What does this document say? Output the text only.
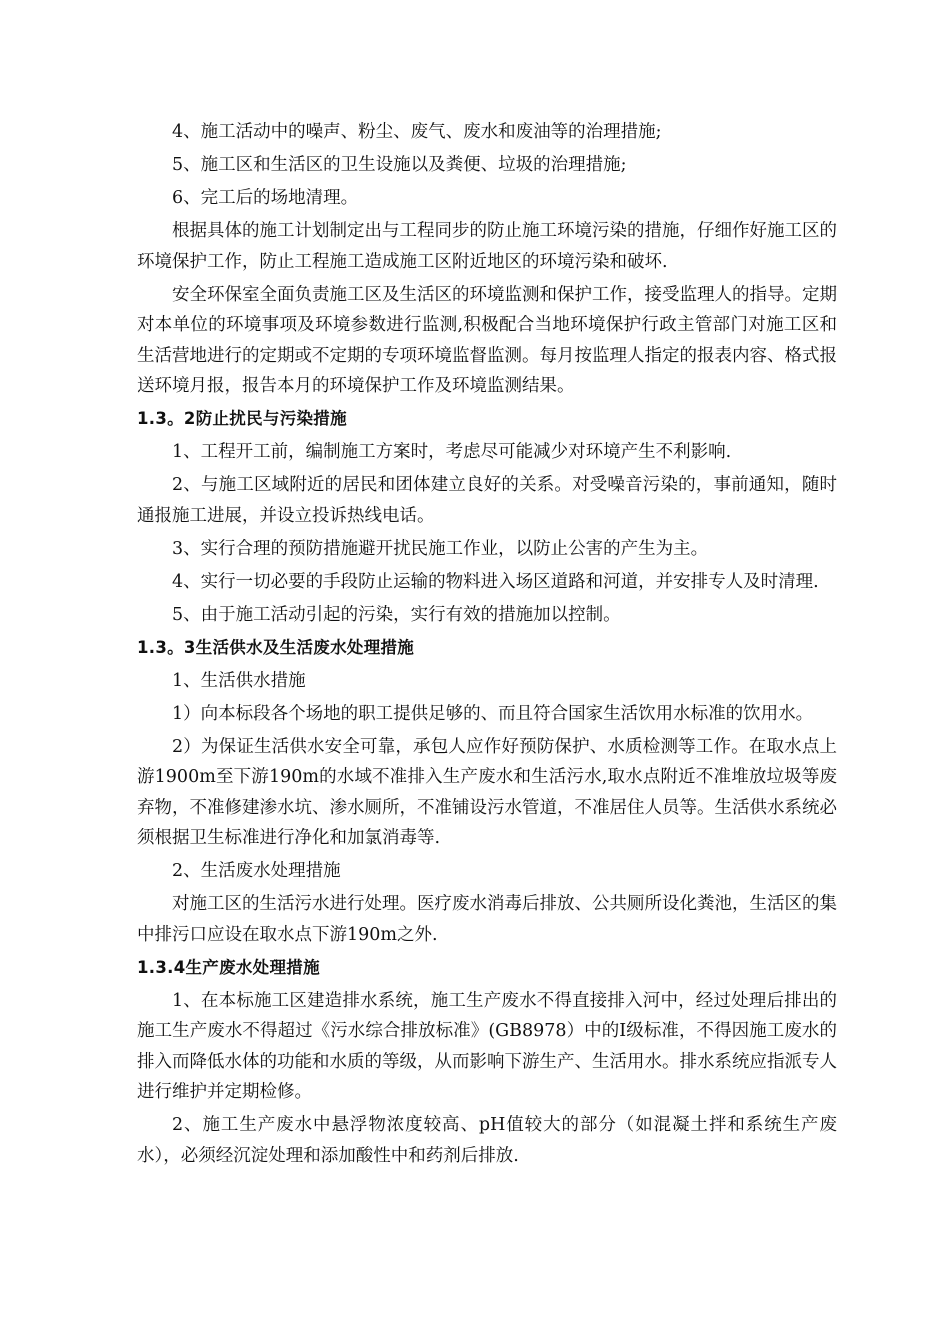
4、施工活动中的噪声、粉尘、废气、废水和废油等的治理措施;

5、施工区和生活区的卫生设施以及粪便、垃圾的治理措施;

6、完工后的场地清理。

根据具体的施工计划制定出与工程同步的防止施工环境污染的措施，仔细作好施工区的环境保护工作，防止工程施工造成施工区附近地区的环境污染和破坏.

安全环保室全面负责施工区及生活区的环境监测和保护工作，接受监理人的指导。定期对本单位的环境事项及环境参数进行监测,积极配合当地环境保护行政主管部门对施工区和生活营地进行的定期或不定期的专项环境监督监测。每月按监理人指定的报表内容、格式报送环境月报，报告本月的环境保护工作及环境监测结果。

1.3。2防止扰民与污染措施

1、工程开工前，编制施工方案时，考虑尽可能减少对环境产生不利影响.

2、与施工区域附近的居民和团体建立良好的关系。对受噪音污染的，事前通知，随时通报施工进展，并设立投诉热线电话。

3、实行合理的预防措施避开扰民施工作业，以防止公害的产生为主。

4、实行一切必要的手段防止运输的物料进入场区道路和河道，并安排专人及时清理.

5、由于施工活动引起的污染，实行有效的措施加以控制。

1.3。3生活供水及生活废水处理措施

1、生活供水措施

1）向本标段各个场地的职工提供足够的、而且符合国家生活饮用水标准的饮用水。

2）为保证生活供水安全可靠，承包人应作好预防保护、水质检测等工作。在取水点上游1900m至下游190m的水域不准排入生产废水和生活污水,取水点附近不准堆放垃圾等废弃物，不准修建渗水坑、渗水厕所，不准铺设污水管道，不准居住人员等。生活供水系统必须根据卫生标准进行净化和加氯消毒等.

2、生活废水处理措施

对施工区的生活污水进行处理。医疗废水消毒后排放、公共厕所设化粪池，生活区的集中排污口应设在取水点下游190m之外.

1.3.4生产废水处理措施

1、在本标施工区建造排水系统，施工生产废水不得直接排入河中，经过处理后排出的施工生产废水不得超过《污水综合排放标准》(GB8978）中的Ⅰ级标准，不得因施工废水的排入而降低水体的功能和水质的等级，从而影响下游生产、生活用水。排水系统应指派专人进行维护并定期检修。

2、施工生产废水中悬浮物浓度较高、pH值较大的部分（如混凝土拌和系统生产废水），必须经沉淀处理和添加酸性中和药剂后排放.
